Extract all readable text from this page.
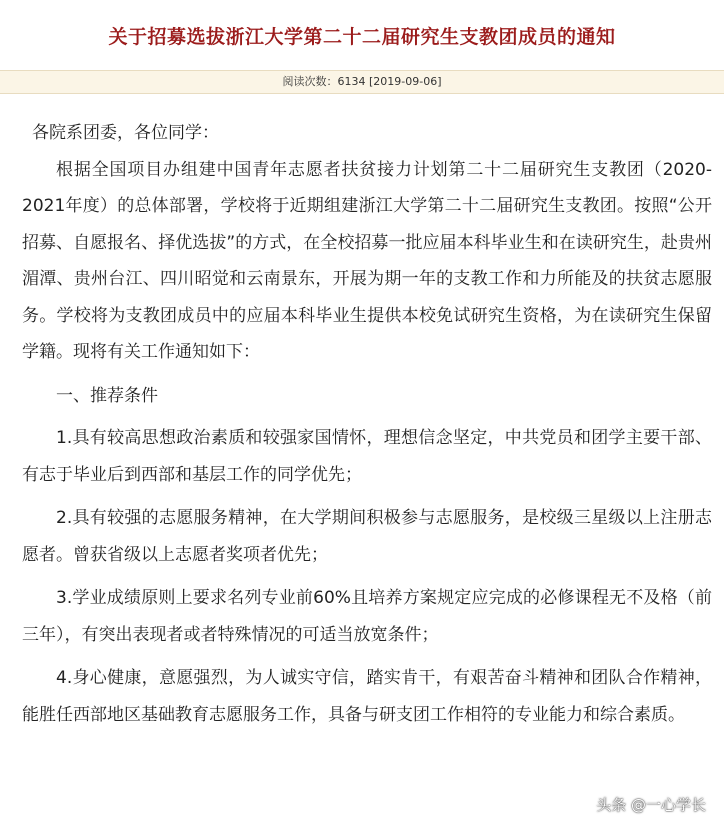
关于招募选拔浙江大学第二十二届研究生支教团成员的通知
阅读次数：6134 [2019-09-06]

各院系团委，各位同学：

根据全国项目办组建中国青年志愿者扶贫接力计划第二十二届研究生支教团（2020-2021年度）的总体部署，学校将于近期组建浙江大学第二十二届研究生支教团。按照“公开招募、自愿报名、择优选拔”的方式，在全校招募一批应届本科毕业生和在读研究生，赴贵州湄潭、贵州台江、四川昭觉和云南景东，开展为期一年的支教工作和力所能及的扶贫志愿服务。学校将为支教团成员中的应届本科毕业生提供本校免试研究生资格，为在读研究生保留学籍。现将有关工作通知如下：

一、推荐条件

1.具有较高思想政治素质和较强家国情怀，理想信念坚定，中共党员和团学主要干部、有志于毕业后到西部和基层工作的同学优先；

2.具有较强的志愿服务精神，在大学期间积极参与志愿服务，是校级三星级以上注册志愿者。曾获省级以上志愿者奖项者优先；

3.学业成绩原则上要求名列专业前60%且培养方案规定应完成的必修课程无不及格（前三年），有突出表现者或者特殊情况的可适当放宽条件；

4.身心健康，意愿强烈，为人诚实守信，踏实肯干，有艰苦奋斗精神和团队合作精神，能胜任西部地区基础教育志愿服务工作，具备与研支团工作相符的专业能力和综合素质。

头条 @一心学长
